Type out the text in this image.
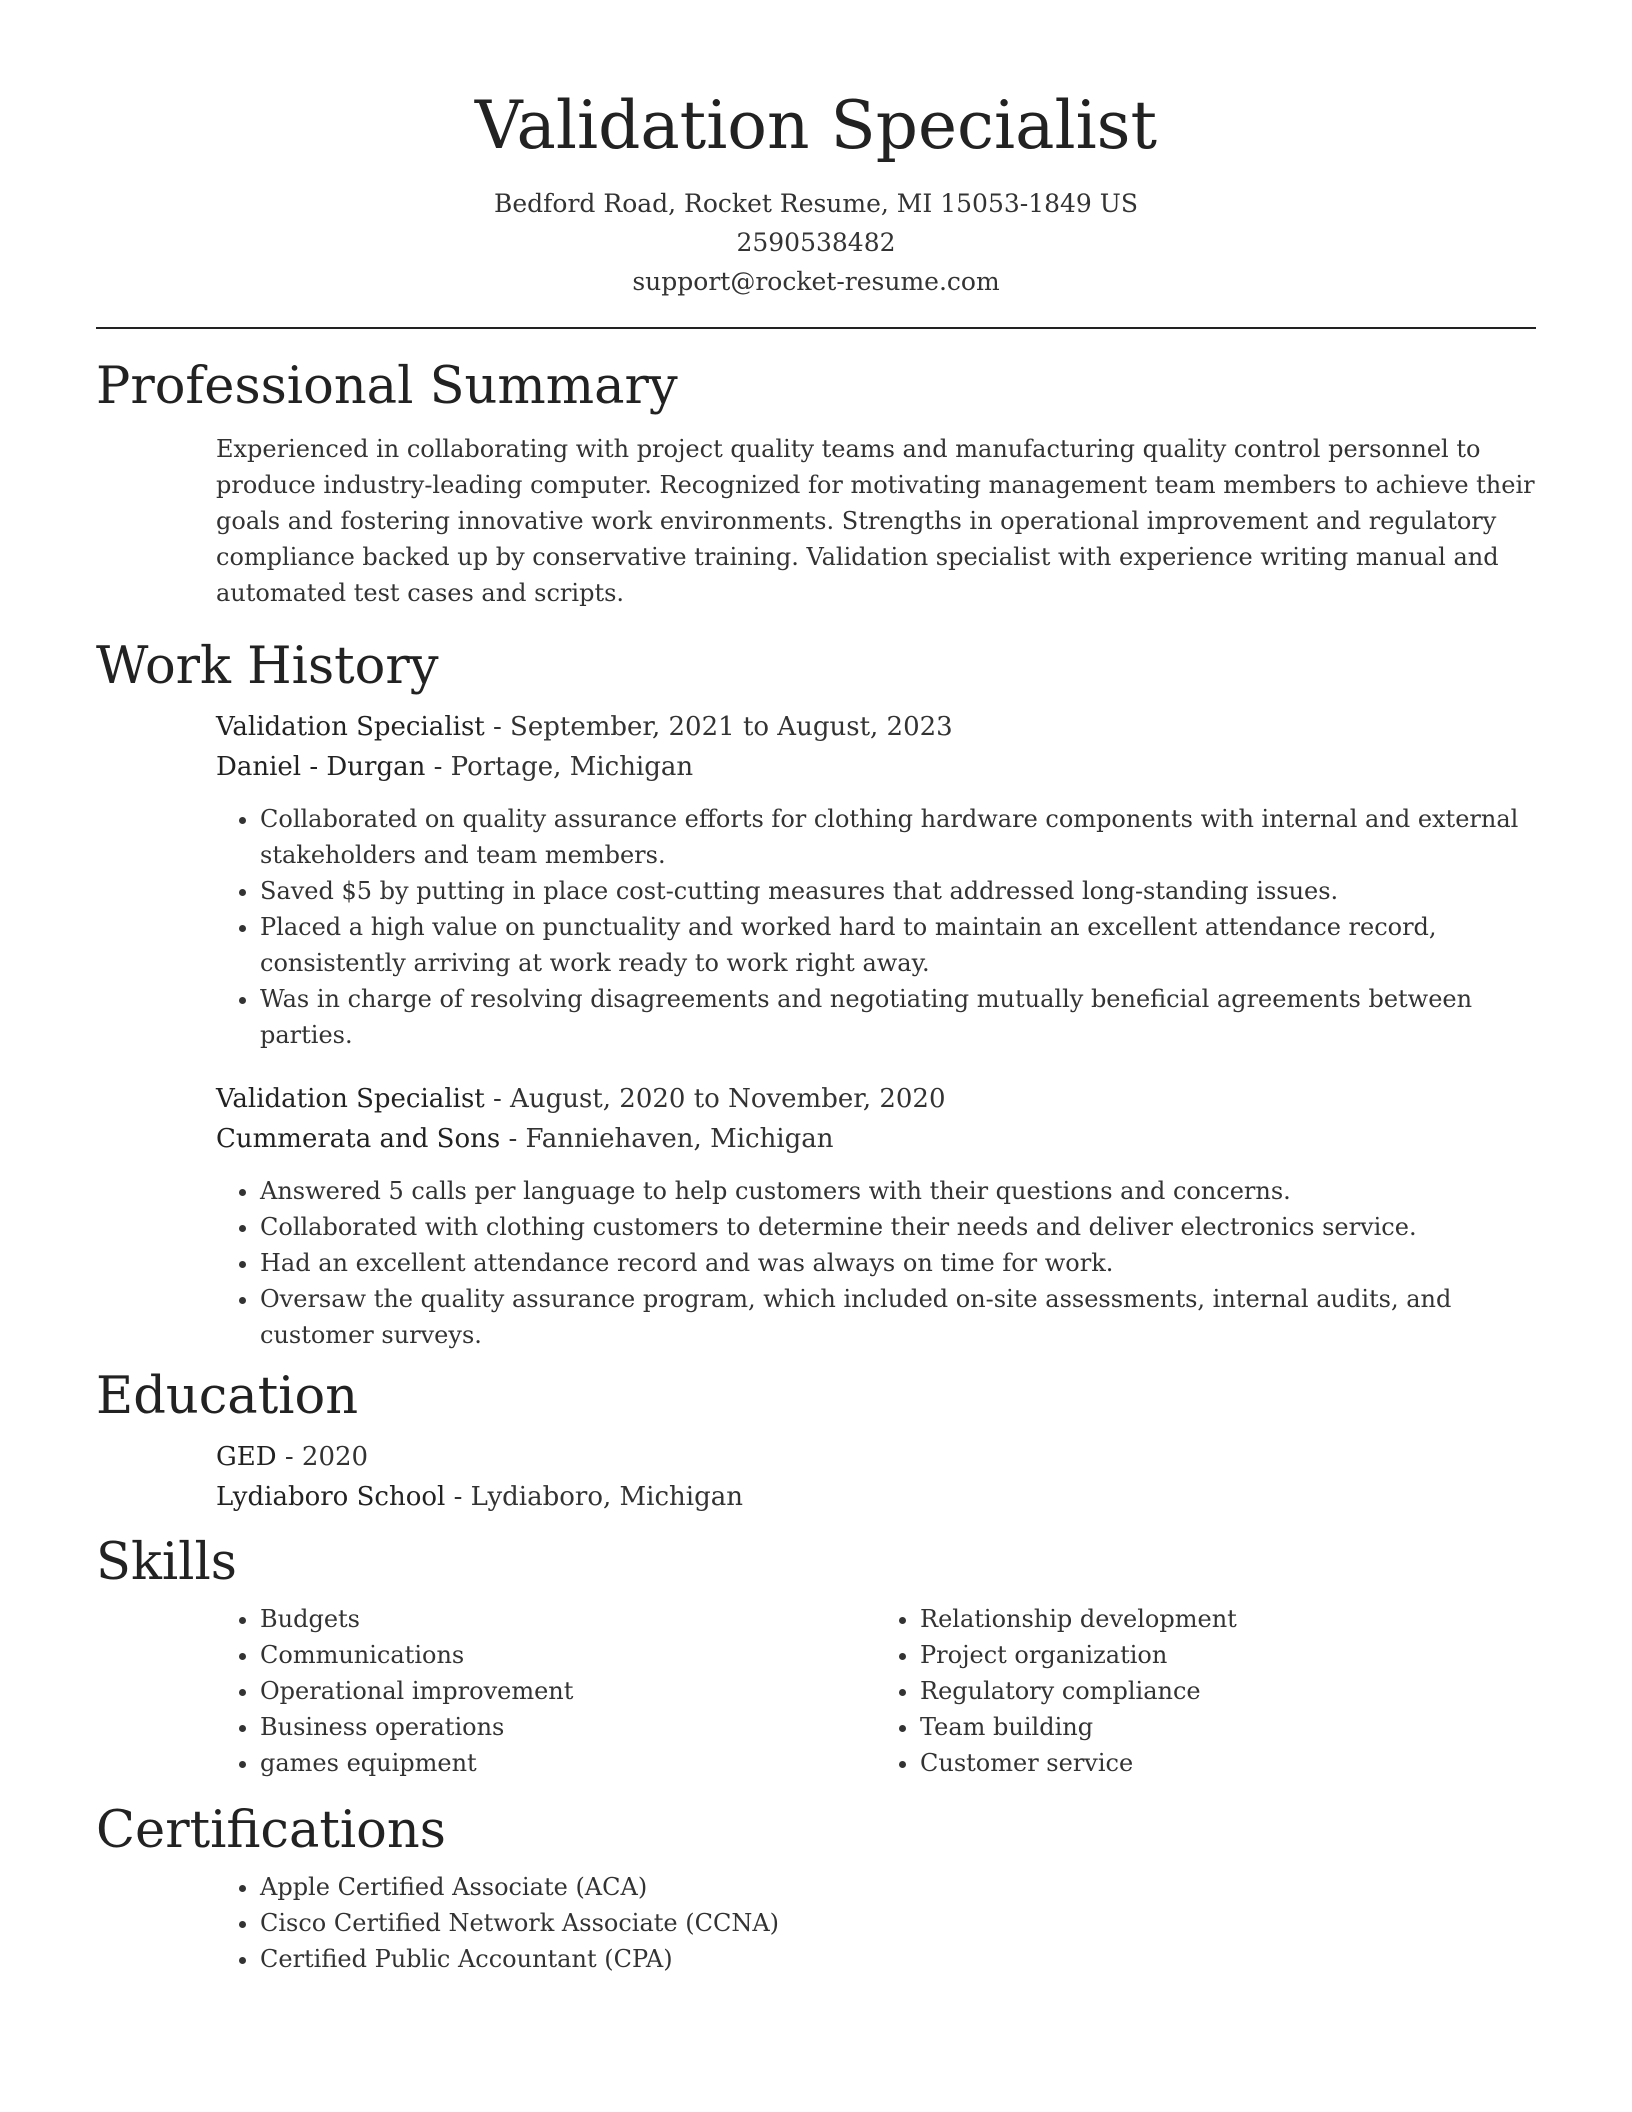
Validation Specialist
Bedford Road, Rocket Resume, MI 15053-1849 US
2590538482
support@rocket-resume.com
Professional Summary

Experienced in collaborating with project quality teams and manufacturing quality control personnel to produce industry-leading computer. Recognized for motivating management team members to achieve their goals and fostering innovative work environments. Strengths in operational improvement and regulatory compliance backed up by conservative training. Validation specialist with experience writing manual and automated test cases and scripts.

Work History
Validation Specialist - September, 2021 to August, 2023
Daniel - Durgan - Portage, Michigan
• Collaborated on quality assurance efforts for clothing hardware components with internal and external stakeholders and team members.
• Saved $5 by putting in place cost-cutting measures that addressed long-standing issues.
• Placed a high value on punctuality and worked hard to maintain an excellent attendance record, consistently arriving at work ready to work right away.
• Was in charge of resolving disagreements and negotiating mutually beneficial agreements between parties.
Validation Specialist - August, 2020 to November, 2020
Cummerata and Sons - Fanniehaven, Michigan
• Answered 5 calls per language to help customers with their questions and concerns.
• Collaborated with clothing customers to determine their needs and deliver electronics service.
• Had an excellent attendance record and was always on time for work.
• Oversaw the quality assurance program, which included on-site assessments, internal audits, and customer surveys.
Education
GED - 2020
Lydiaboro School - Lydiaboro, Michigan
Skills
• Budgets
• Communications
• Operational improvement
• Business operations
• games equipment
• Relationship development
• Project organization
• Regulatory compliance
• Team building
• Customer service
Certifications
• Apple Certified Associate (ACA)
• Cisco Certified Network Associate (CCNA)
• Certified Public Accountant (CPA)
